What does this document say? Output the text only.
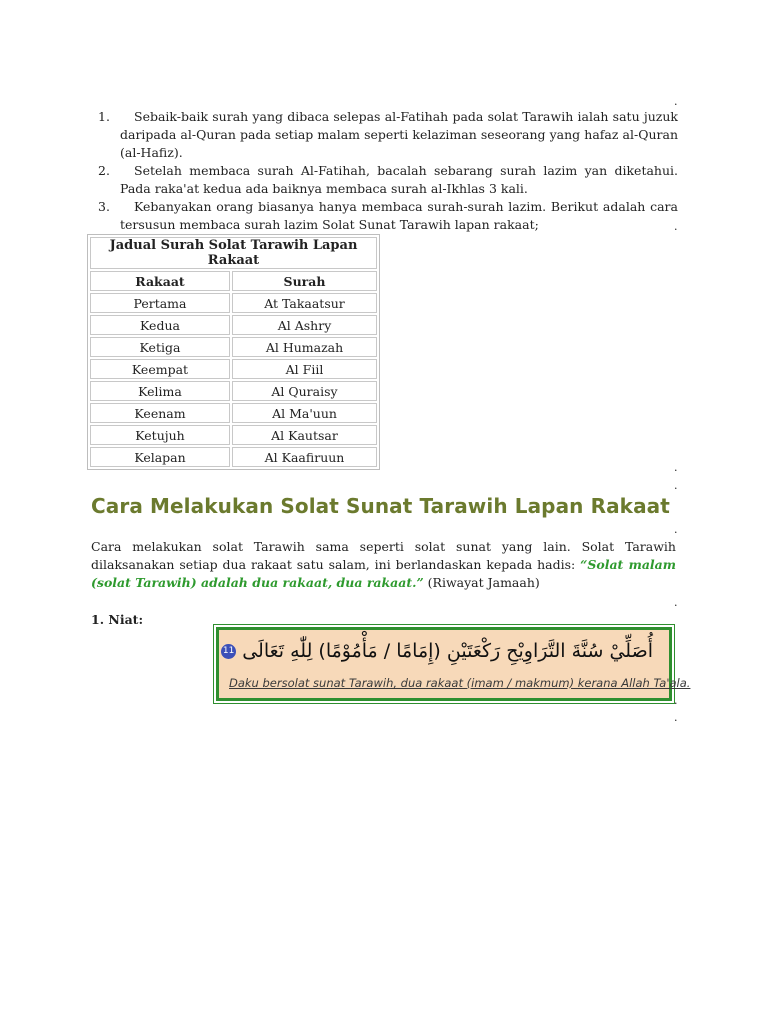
.
.
.
.
.
.
.
.
1.	Sebaik-baik surah yang dibaca selepas al-Fatihah pada solat Tarawih ialah satu juzuk daripada al-Quran pada setiap malam seperti kelaziman seseorang yang hafaz al-Quran (al-Hafiz).
2.	Setelah membaca surah Al-Fatihah, bacalah sebarang surah lazim yan diketahui. Pada raka'at kedua ada baiknya membaca surah al-Ikhlas 3 kali.
3.	Kebanyakan orang biasanya hanya membaca surah-surah lazim. Berikut adalah cara tersusun membaca surah lazim Solat Sunat Tarawih lapan rakaat;
Jadual Surah Solat Tarawih Lapan Rakaat	
Rakaat	Surah
Pertama	At Takaatsur
Kedua	Al Ashry
Ketiga	Al Humazah
Keempat	Al Fiil
Kelima	Al Quraisy
Keenam	Al Ma'uun
Ketujuh	Al Kautsar
Kelapan	Al Kaafiruun
Cara Melakukan Solat Sunat Tarawih Lapan Rakaat
Cara melakukan solat Tarawih sama seperti solat sunat yang lain. Solat Tarawih dilaksanakan setiap dua rakaat satu salam, ini berlandaskan kepada hadis: “Solat malam (solat Tarawih) adalah dua rakaat, dua rakaat.” (Riwayat Jamaah)
1. Niat:
أُصَلِّيْ سُنَّةَ التَّرَاوِيْحِ رَكْعَتَيْنِ (إِمَامًا / مَأْمُوْمًا) لِلّٰهِ تَعَالَى 11
Daku bersolat sunat Tarawih, dua rakaat (imam / makmum) kerana Allah Ta'ala.
